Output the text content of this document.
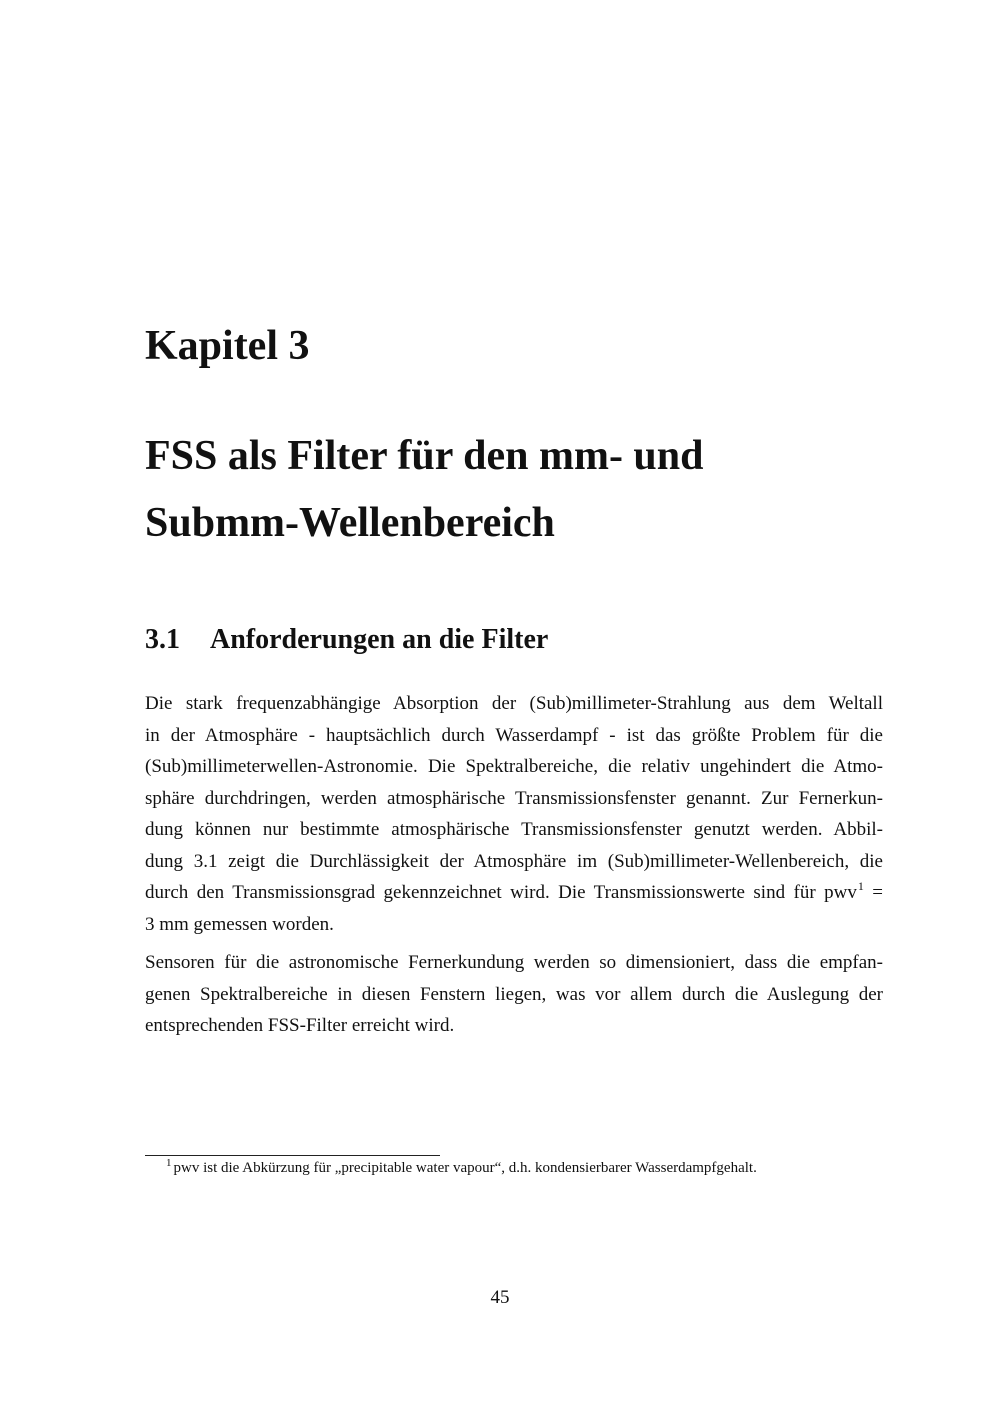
Kapitel 3
FSS als Filter für den mm- und
Submm-Wellenbereich
3.1 Anforderungen an die Filter

Die stark frequenzabhängige Absorption der (Sub)millimeter-Strahlung aus dem Weltall
in der Atmosphäre - hauptsächlich durch Wasserdampf - ist das größte Problem für die
(Sub)millimeterwellen-Astronomie. Die Spektralbereiche, die relativ ungehindert die Atmo-
sphäre durchdringen, werden atmosphärische Transmissionsfenster genannt. Zur Fernerkun-
dung können nur bestimmte atmosphärische Transmissionsfenster genutzt werden. Abbil-
dung 3.1 zeigt die Durchlässigkeit der Atmosphäre im (Sub)millimeter-Wellenbereich, die
durch den Transmissionsgrad gekennzeichnet wird. Die Transmissionswerte sind für pwv$^1$ =
3 mm gemessen worden.

Sensoren für die astronomische Fernerkundung werden so dimensioniert, dass die empfan-
genen Spektralbereiche in diesen Fenstern liegen, was vor allem durch die Auslegung der
entsprechenden FSS-Filter erreicht wird.

$^1$ pwv ist die Abkürzung für „precipitable water vapour“, d.h. kondensierbarer Wasserdampfgehalt.
45
